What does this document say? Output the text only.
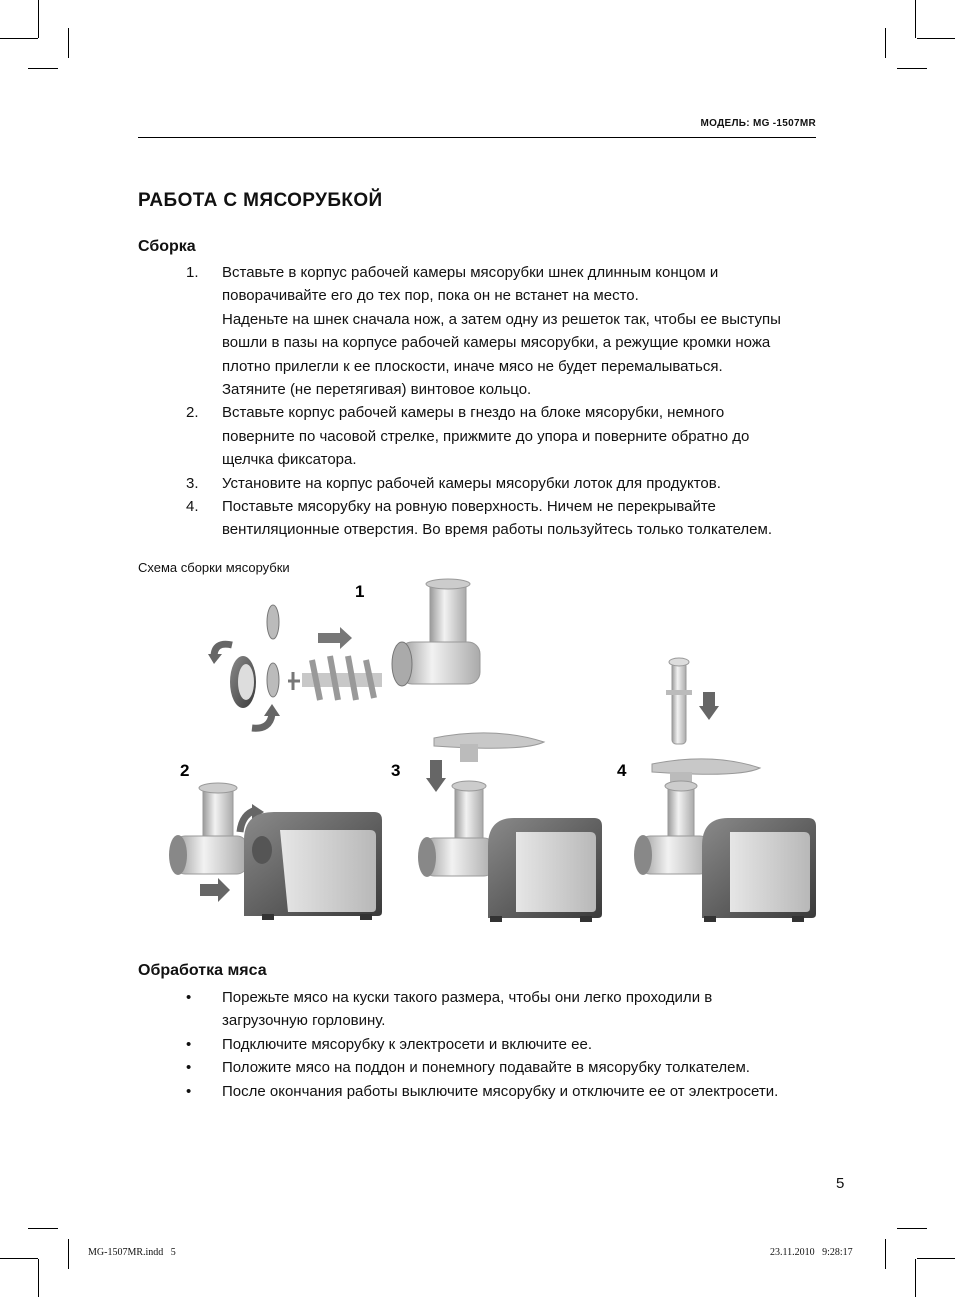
МОДЕЛЬ: MG -1507MR
РАБОТА С МЯСОРУБКОЙ
Сборка
1. Вставьте в корпус рабочей камеры мясорубки шнек длинным концом и
поворачивайте его до тех пор, пока он не встанет на место.
Наденьте на шнек сначала нож, а затем одну из решеток так, чтобы ее выступы
вошли в пазы на корпусе рабочей камеры мясорубки, а режущие кромки ножа
плотно прилегли к ее плоскости, иначе мясо не будет перемалываться.
Затяните (не перетягивая) винтовое кольцо.
2. Вставьте корпус рабочей камеры в гнездо на блоке мясорубки, немного
поверните по часовой стрелке, прижмите до упора и поверните обратно до
щелчка фиксатора.
3. Установите на корпус рабочей камеры мясорубки лоток для продуктов.
4. Поставьте мясорубку на ровную поверхность. Ничем не перекрывайте
вентиляционные отверстия. Во время работы пользуйтесь только толкателем.
Схема сборки мясорубки
1
2	3	4
Обработка мяса
• Порежьте мясо на куски такого размера, чтобы они легко проходили в
загрузочную горловину.
• Подключите мясорубку к электросети и включите ее.
• Положите мясо на поддон и понемногу подавайте в мясорубку толкателем.
• После окончания работы выключите мясорубку и отключите ее от электросети.
5
MG-1507MR.indd   5	23.11.2010   9:28:17
